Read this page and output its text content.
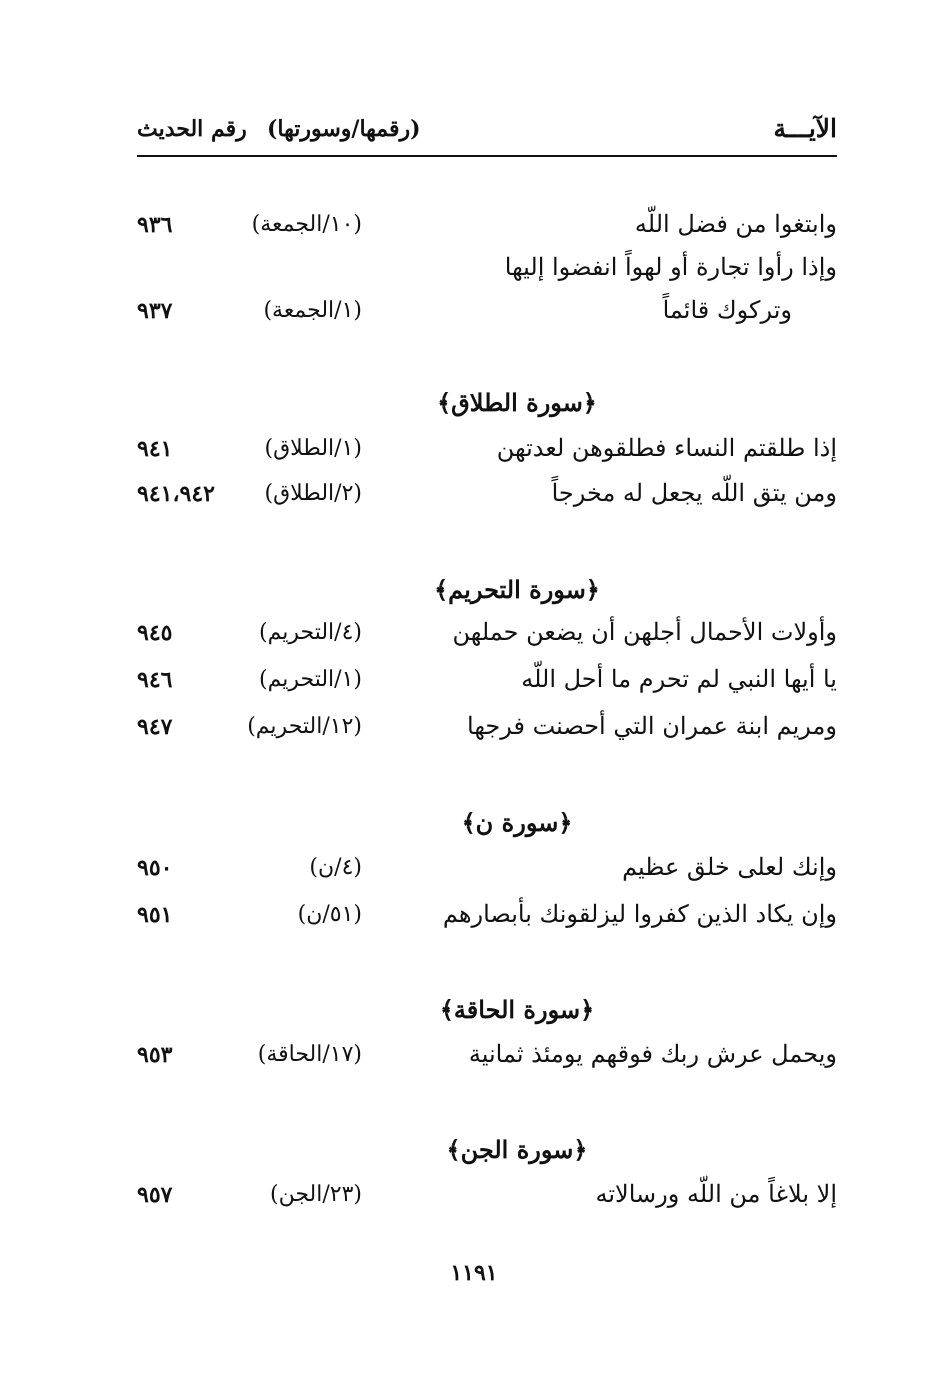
الآيـــة
(رقمها/وسورتها)
رقم الحديث
وابتغوا من فضل اللّه
(١٠/الجمعة)
٩٣٦
وإذا رأوا تجارة أو لهواً انفضوا إليها
وتركوك قائماً
(١/الجمعة)
٩٣٧
﴿سورة الطلاق﴾
إذا طلقتم النساء فطلقوهن لعدتهن
(١/الطلاق)
٩٤١
ومن يتق اللّه يجعل له مخرجاً
(٢/الطلاق)
٩٤١،٩٤٢
﴿سورة التحريم﴾
وأولات الأحمال أجلهن أن يضعن حملهن
(٤/التحريم)
٩٤٥
يا أيها النبي لم تحرم ما أحل اللّه
(١/التحريم)
٩٤٦
ومريم ابنة عمران التي أحصنت فرجها
(١٢/التحريم)
٩٤٧
﴿سورة ن﴾
وإنك لعلى خلق عظيم
(٤/ن)
٩٥٠
وإن يكاد الذين كفروا ليزلقونك بأبصارهم
(٥١/ن)
٩٥١
﴿سورة الحاقة﴾
ويحمل عرش ربك فوقهم يومئذ ثمانية
(١٧/الحاقة)
٩٥٣
﴿سورة الجن﴾
إلا بلاغاً من اللّه ورسالاته
(٢٣/الجن)
٩٥٧
١١٩١
